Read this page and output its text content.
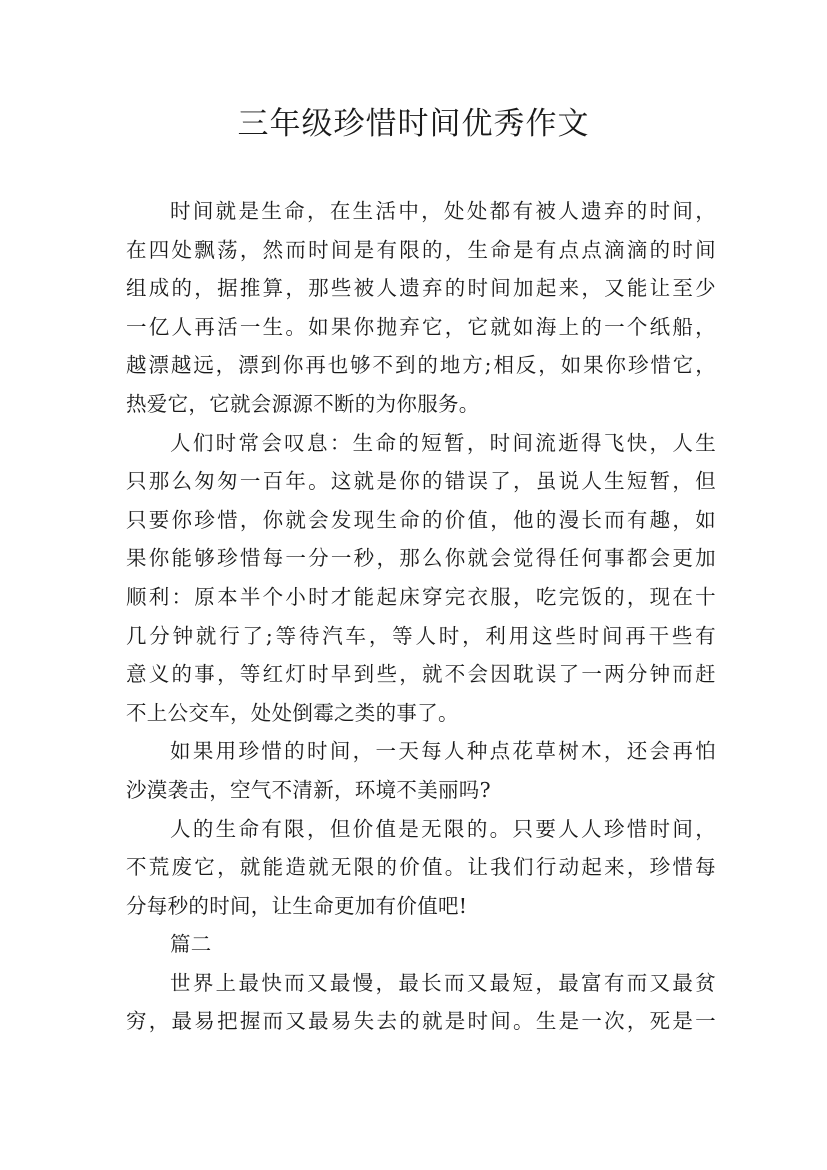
三年级珍惜时间优秀作文
时间就是生命，在生活中，处处都有被人遗弃的时间，
在四处飘荡，然而时间是有限的，生命是有点点滴滴的时间
组成的，据推算，那些被人遗弃的时间加起来，又能让至少
一亿人再活一生。如果你抛弃它，它就如海上的一个纸船，
越漂越远，漂到你再也够不到的地方;相反，如果你珍惜它，
热爱它，它就会源源不断的为你服务。
人们时常会叹息：生命的短暂，时间流逝得飞快，人生
只那么匆匆一百年。这就是你的错误了，虽说人生短暂，但
只要你珍惜，你就会发现生命的价值，他的漫长而有趣，如
果你能够珍惜每一分一秒，那么你就会觉得任何事都会更加
顺利：原本半个小时才能起床穿完衣服，吃完饭的，现在十
几分钟就行了;等待汽车，等人时，利用这些时间再干些有
意义的事，等红灯时早到些，就不会因耽误了一两分钟而赶
不上公交车，处处倒霉之类的事了。
如果用珍惜的时间，一天每人种点花草树木，还会再怕
沙漠袭击，空气不清新，环境不美丽吗?
人的生命有限，但价值是无限的。只要人人珍惜时间，
不荒废它，就能造就无限的价值。让我们行动起来，珍惜每
分每秒的时间，让生命更加有价值吧!
篇二
世界上最快而又最慢，最长而又最短，最富有而又最贫
穷，最易把握而又最易失去的就是时间。生是一次，死是一
